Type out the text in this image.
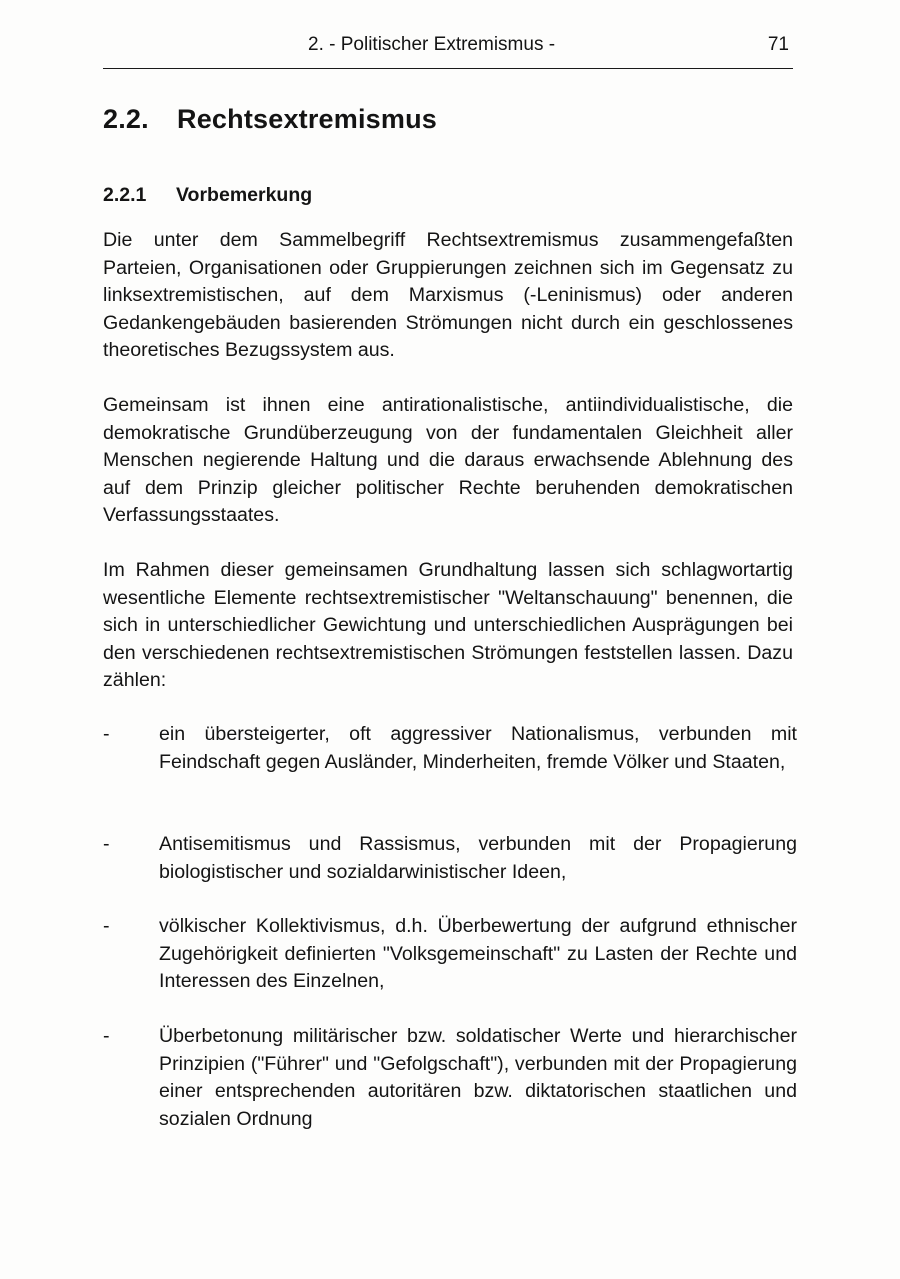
2. - Politischer Extremismus -	71
2.2. Rechtsextremismus
2.2.1 Vorbemerkung

Die unter dem Sammelbegriff Rechtsextremismus zusammengefaßten Parteien, Organisationen oder Gruppierungen zeichnen sich im Gegensatz zu linksextremistischen, auf dem Marxismus (-Leninismus) oder anderen Gedankengebäuden basierenden Strömungen nicht durch ein geschlossenes theoretisches Bezugssystem aus.

Gemeinsam ist ihnen eine antirationalistische, antiindividualistische, die demokratische Grundüberzeugung von der fundamentalen Gleichheit aller Menschen negierende Haltung und die daraus erwachsende Ablehnung des auf dem Prinzip gleicher politischer Rechte beruhenden demokratischen Verfassungsstaates.

Im Rahmen dieser gemeinsamen Grundhaltung lassen sich schlagwortartig wesentliche Elemente rechtsextremistischer "Weltanschauung" benennen, die sich in unterschiedlicher Gewichtung und unterschiedlichen Ausprägungen bei den verschiedenen rechtsextremistischen Strömungen feststellen lassen. Dazu zählen:

-	ein übersteigerter, oft aggressiver Nationalismus, verbunden mit Feindschaft gegen Ausländer, Minderheiten, fremde Völker und Staaten,

-	Antisemitismus und Rassismus, verbunden mit der Propagierung biologistischer und sozialdarwinistischer Ideen,

-	völkischer Kollektivismus, d.h. Überbewertung der aufgrund ethnischer Zugehörigkeit definierten "Volksgemeinschaft" zu Lasten der Rechte und Interessen des Einzelnen,

-	Überbetonung militärischer bzw. soldatischer Werte und hierarchischer Prinzipien ("Führer" und "Gefolgschaft"), verbunden mit der Propagierung einer entsprechenden autoritären bzw. diktatorischen staatlichen und sozialen Ordnung
